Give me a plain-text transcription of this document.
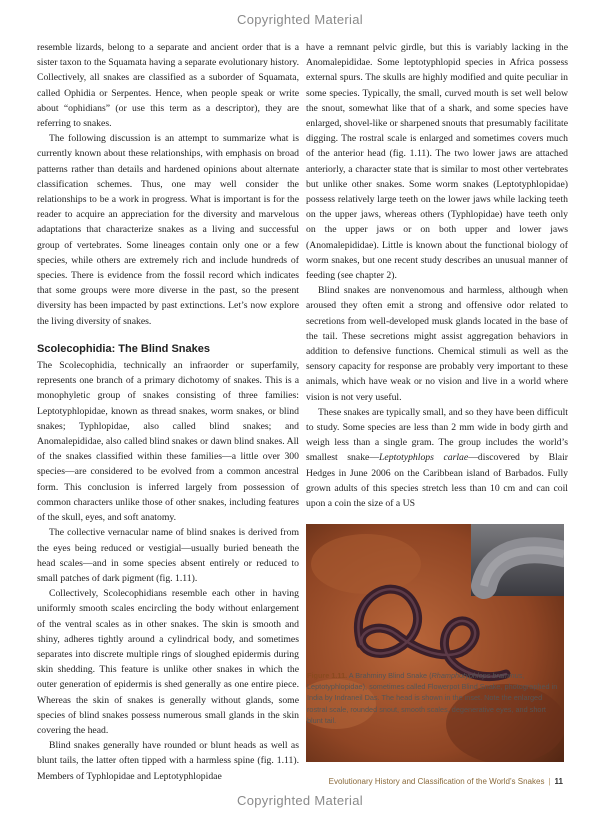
Copyrighted Material

resemble lizards, belong to a separate and ancient order that is a sister taxon to the Squamata having a separate evolutionary history. Collectively, all snakes are classified as a suborder of Squamata, called Ophidia or Serpentes. Hence, when people speak or write about “ophidians” (or use this term as a descriptor), they are referring to snakes.

The following discussion is an attempt to summarize what is currently known about these relationships, with emphasis on broad patterns rather than details and hardened opinions about alternate classification schemes. Thus, one may well consider the relationships to be a work in progress. What is important is for the reader to acquire an appreciation for the diversity and marvelous adaptations that characterize snakes as a living and successful group of vertebrates. Some lineages contain only one or a few species, while others are extremely rich and include hundreds of species. There is evidence from the fossil record which indicates that some groups were more diverse in the past, so the present diversity has been impacted by past extinctions. Let’s now explore the living diversity of snakes.

Scolecophidia: The Blind Snakes

The Scolecophidia, technically an infraorder or superfamily, represents one branch of a primary dichotomy of snakes. This is a monophyletic group of snakes consisting of three families: Leptotyphlopidae, known as thread snakes, worm snakes, or blind snakes; Typhlopidae, also called blind snakes; and Anomalepididae, also called blind snakes or dawn blind snakes. All of the snakes classified within these families—a little over 300 species—are considered to be evolved from a common ancestral form. This conclusion is inferred largely from possession of common characters unlike those of other snakes, including features of the skull, eyes, and soft anatomy.

The collective vernacular name of blind snakes is derived from the eyes being reduced or vestigial—usually buried beneath the head scales—and in some species absent entirely or reduced to small patches of dark pigment (fig. 1.11).

Collectively, Scolecophidians resemble each other in having uniformly smooth scales encircling the body without enlargement of the ventral scales as in other snakes. The skin is smooth and shiny, adheres tightly around a cylindrical body, and sometimes separates into discrete multiple rings of sloughed epidermis during skin shedding. This feature is unlike other snakes in which the outer generation of epidermis is shed generally as one entire piece. Whereas the skin of snakes is generally without glands, some species of blind snakes possess numerous small glands in the skin covering the head.

Blind snakes generally have rounded or blunt heads as well as blunt tails, the latter often tipped with a harmless spine (fig. 1.11). Members of Typhlopidae and Leptotyphlopidae

have a remnant pelvic girdle, but this is variably lacking in the Anomalepididae. Some leptotyphlopid species in Africa possess external spurs. The skulls are highly modified and quite peculiar in some species. Typically, the small, curved mouth is set well below the snout, somewhat like that of a shark, and some species have enlarged, shovel-like or sharpened snouts that presumably facilitate digging. The rostral scale is enlarged and sometimes covers much of the anterior head (fig. 1.11). The two lower jaws are attached anteriorly, a character state that is similar to most other vertebrates but unlike other snakes. Some worm snakes (Leptotyphlopidae) possess relatively large teeth on the lower jaws while lacking teeth on the upper jaws, whereas others (Typhlopidae) have teeth only on the upper jaws or on both upper and lower jaws (Anomalepididae). Little is known about the functional biology of worm snakes, but one recent study describes an unusual manner of feeding (see chapter 2).

Blind snakes are nonvenomous and harmless, although when aroused they often emit a strong and offensive odor related to secretions from well-developed musk glands located in the base of the tail. These secretions might assist aggregation behaviors in addition to defensive functions. Chemical stimuli as well as the sensory capacity for response are probably very important to these animals, which have weak or no vision and live in a world where vision is not very useful.

These snakes are typically small, and so they have been difficult to study. Some species are less than 2 mm wide in body girth and weigh less than a single gram. The group includes the world’s smallest snake—Leptotyphlops carlae—discovered by Blair Hedges in June 2006 on the Caribbean island of Barbados. Fully grown adults of this species stretch less than 10 cm and can coil upon a coin the size of a US

Figure 1.11. A Brahminy Blind Snake (Rhamphotyphlops braminus, Leptotyphlopidae), sometimes called Flowerpot Blind Snake, photographed in India by Indraneil Das. The head is shown in the inset. Note the enlarged rostral scale, rounded snout, smooth scales, degenerative eyes, and short blunt tail.
Evolutionary History and Classification of the World’s Snakes | 11
Copyrighted Material
